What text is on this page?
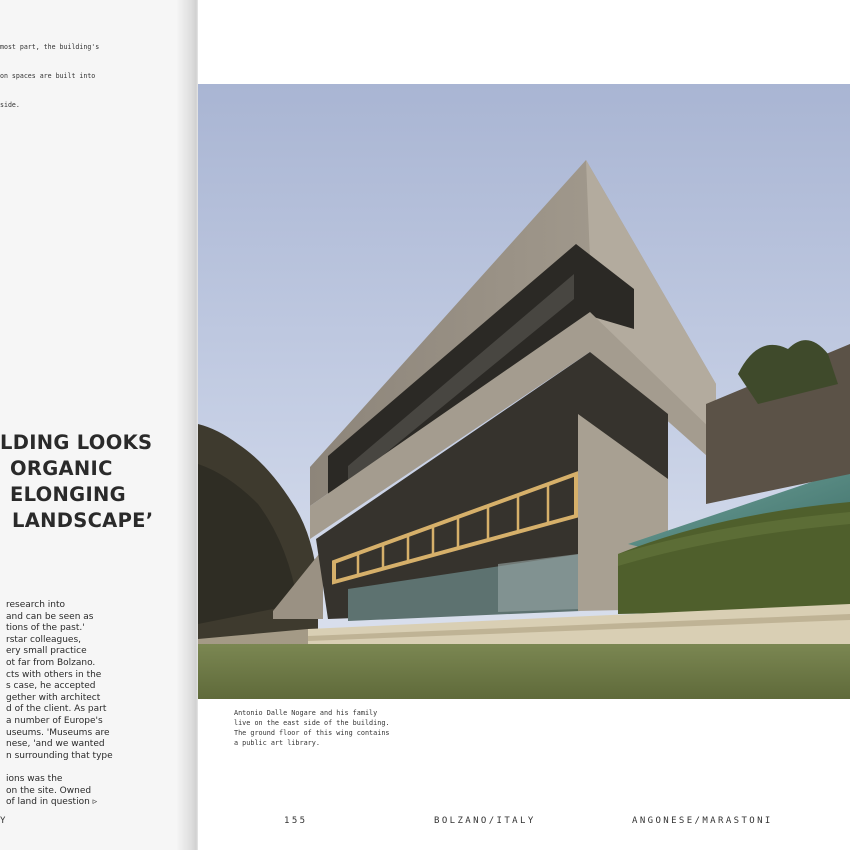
most part, the building's

on spaces are built into

side.

LDING LOOKS
ORGANIC
ELONGING
LANDSCAPE’
research into
and can be seen as
tions of the past.'
rstar colleagues,
ery small practice
ot far from Bolzano.
cts with others in the
s case, he accepted
gether with architect
d of the client. As part
a number of Europe's
useums. 'Museums are
nese, 'and we wanted
n surrounding that type
ions was the
on the site. Owned
of land in question ▹
Y
Antonio Dalle Nogare and his family
live on the east side of the building.
The ground floor of this wing contains
a public art library.
155	BOLZANO/ITALY	ANGONESE/MARASTONI
